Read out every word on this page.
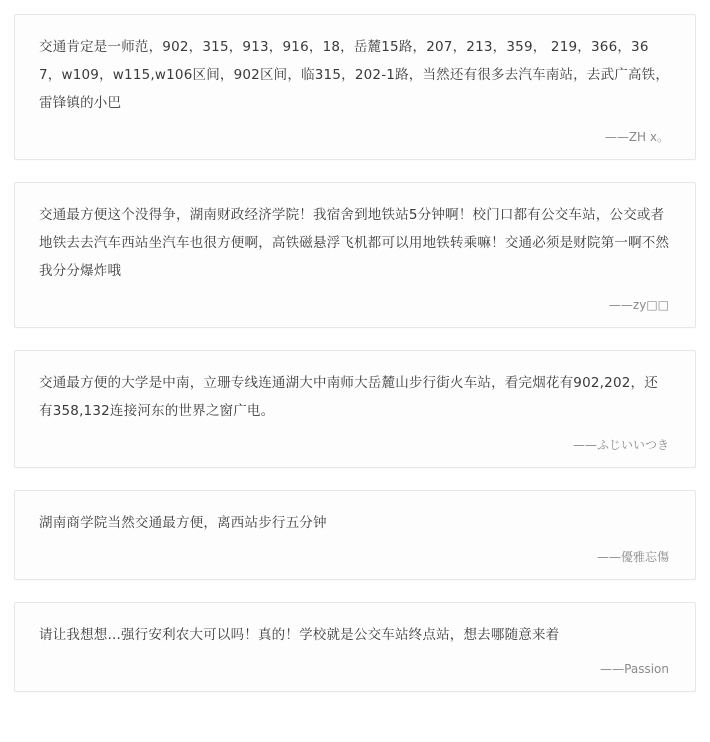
交通肯定是一师范，902，315，913，916，18，岳麓15路，207，213，359， 219，366，367，w109，w115,w106区间，902区间，临315，202-1路，当然还有很多去汽车南站，去武广高铁，雷锋镇的小巴
——ZH x。
交通最方便这个没得争，湖南财政经济学院！我宿舍到地铁站5分钟啊！校门口都有公交车站，公交或者地铁去去汽车西站坐汽车也很方便啊，高铁磁悬浮飞机都可以用地铁转乘嘛！交通必须是财院第一啊不然我分分爆炸哦
——zy□□
交通最方便的大学是中南，立珊专线连通湖大中南师大岳麓山步行街火车站，看完烟花有902,202，还有358,132连接河东的世界之窗广电。
——ふじいいつき
湖南商学院当然交通最方便，离西站步行五分钟
——優雅忘傷
请让我想想...强行安利农大可以吗！真的！学校就是公交车站终点站，想去哪随意来着
——Passion
